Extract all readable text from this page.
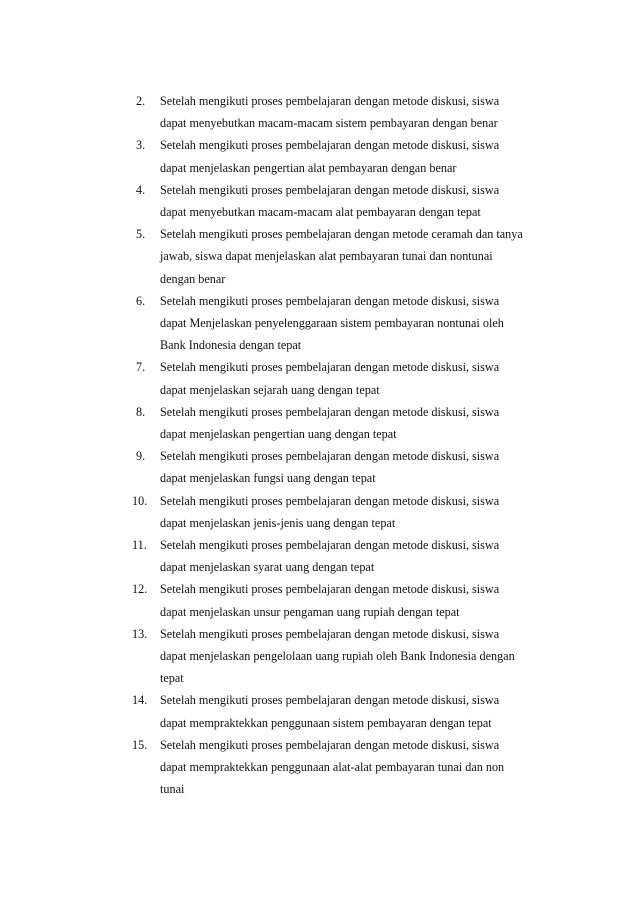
2.	Setelah mengikuti proses pembelajaran dengan metode diskusi, siswa
dapat menyebutkan macam-macam sistem pembayaran dengan benar
3.	Setelah mengikuti proses pembelajaran dengan metode diskusi, siswa
dapat menjelaskan pengertian alat pembayaran dengan benar
4.	Setelah mengikuti proses pembelajaran dengan metode diskusi, siswa
dapat menyebutkan macam-macam alat pembayaran dengan tepat
5.	Setelah mengikuti proses pembelajaran dengan metode ceramah dan tanya
jawab, siswa dapat menjelaskan alat pembayaran tunai dan nontunai
dengan benar
6.	Setelah mengikuti proses pembelajaran dengan metode diskusi, siswa
dapat Menjelaskan penyelenggaraan sistem pembayaran nontunai oleh
Bank Indonesia dengan tepat
7.	Setelah mengikuti proses pembelajaran dengan metode diskusi, siswa
dapat menjelaskan sejarah uang dengan tepat
8.	Setelah mengikuti proses pembelajaran dengan metode diskusi, siswa
dapat menjelaskan pengertian uang dengan tepat
9.	Setelah mengikuti proses pembelajaran dengan metode diskusi, siswa
dapat menjelaskan fungsi uang dengan tepat
10.	Setelah mengikuti proses pembelajaran dengan metode diskusi, siswa
dapat menjelaskan jenis-jenis uang dengan tepat
11.	Setelah mengikuti proses pembelajaran dengan metode diskusi, siswa
dapat menjelaskan syarat uang dengan tepat
12.	Setelah mengikuti proses pembelajaran dengan metode diskusi, siswa
dapat menjelaskan unsur pengaman uang rupiah dengan tepat
13.	Setelah mengikuti proses pembelajaran dengan metode diskusi, siswa
dapat menjelaskan pengelolaan uang rupiah oleh Bank Indonesia dengan
tepat
14.	Setelah mengikuti proses pembelajaran dengan metode diskusi, siswa
dapat mempraktekkan penggunaan sistem pembayaran dengan tepat
15.	Setelah mengikuti proses pembelajaran dengan metode diskusi, siswa
dapat mempraktekkan penggunaan alat-alat pembayaran tunai dan non
tunai
